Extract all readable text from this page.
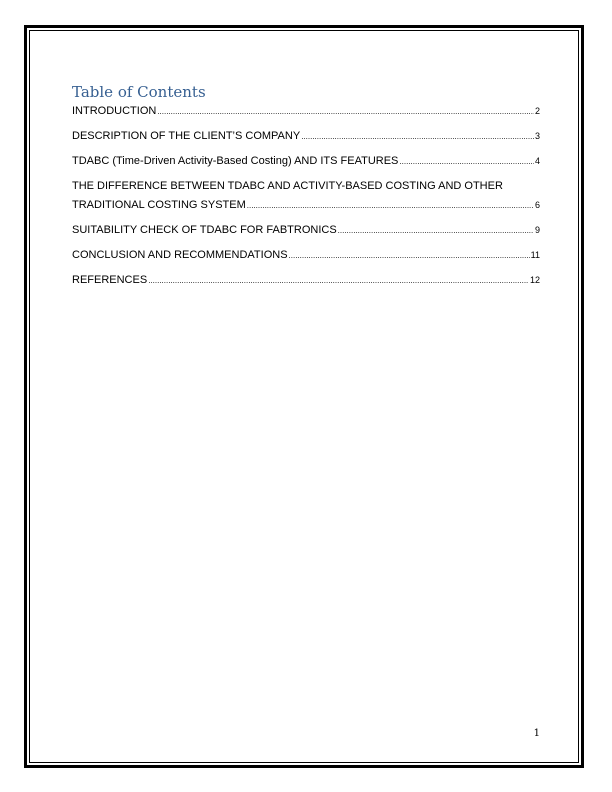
Table of Contents
INTRODUCTION .....	2
DESCRIPTION OF THE CLIENT’S COMPANY .....	3
TDABC (Time-Driven Activity-Based Costing) AND ITS FEATURES .....	4
THE DIFFERENCE BETWEEN TDABC AND ACTIVITY-BASED COSTING AND OTHER
TRADITIONAL COSTING SYSTEM .....	6
SUITABILITY CHECK OF TDABC FOR FABTRONICS .....	9
CONCLUSION AND RECOMMENDATIONS .....	11
REFERENCES .....	12
1
